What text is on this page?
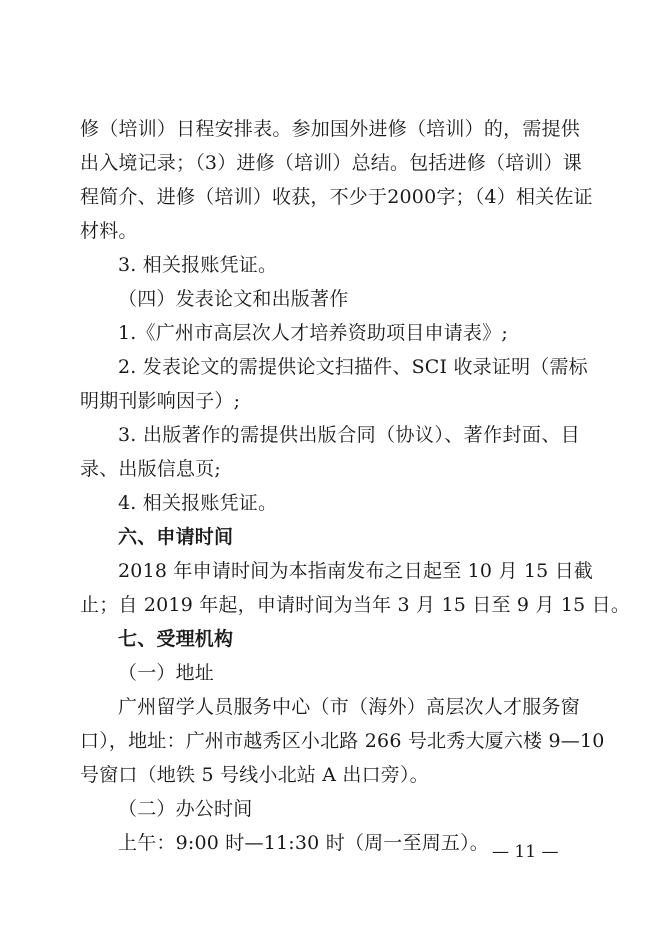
修（培训）日程安排表。参加国外进修（培训）的，需提供
出入境记录；（3）进修（培训）总结。包括进修（培训）课
程简介、进修（培训）收获，不少于2000字；（4）相关佐证
材料。
3. 相关报账凭证。
（四）发表论文和出版著作
1.《广州市高层次人才培养资助项目申请表》;
2. 发表论文的需提供论文扫描件、SCI 收录证明（需标
明期刊影响因子）;
3. 出版著作的需提供出版合同（协议）、著作封面、目
录、出版信息页;
4. 相关报账凭证。
六、申请时间
2018 年申请时间为本指南发布之日起至 10 月 15 日截
止；自 2019 年起，申请时间为当年 3 月 15 日至 9 月 15 日。
七、受理机构
（一）地址
广州留学人员服务中心（市（海外）高层次人才服务窗
口），地址：广州市越秀区小北路 266 号北秀大厦六楼 9—10
号窗口（地铁 5 号线小北站 A 出口旁）。
（二）办公时间
上午：9:00 时—11:30 时（周一至周五）。 — 11 —
